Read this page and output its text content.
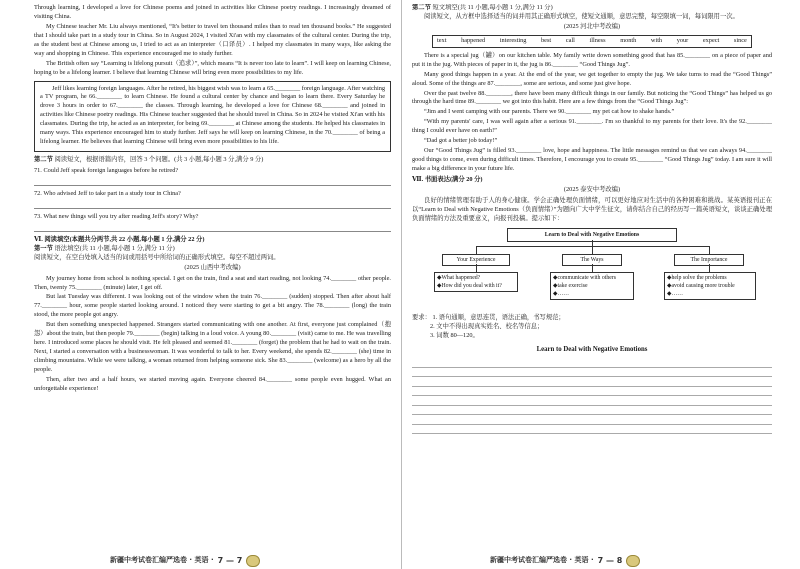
Through learning, I developed a love for Chinese poems and joined in activities like Chinese poetry readings. I increasingly dreamed of visiting China.

My Chinese teacher Mr. Liu always mentioned, “It's better to travel ten thousand miles than to read ten thousand books.” He suggested that I should take part in a study tour in China. So in August 2024, I visited Xi'an with my classmates of the cultural center. During the trip, as the student best at Chinese among us, I tried to act as an interpreter（口译员）. I helped my classmates in many ways, like asking the way and shopping in Chinese. This experience encouraged me to study further.

The British often say “Learning is lifelong pursuit（追求）”, which means “It is never too late to learn”. I will keep on learning Chinese, hoping to be a lifelong learner. I believe that learning Chinese will bring even more possibilities to my life.

Jeff likes learning foreign languages. After he retired, his biggest wish was to learn a 65.________ foreign language. After watching a TV program, he 66.________ to learn Chinese. He found a cultural center by chance and began to learn there. Every Saturday he drove 3 hours in order to 67.________ the classes. Through learning, he developed a love for Chinese 68.________ and joined in activities like Chinese poetry readings. His Chinese teacher suggested that he should travel in China. So in 2024 he visited Xi'an with his classmates. During the trip, he acted as an interpreter, for being 69.________ at Chinese among the students. He helped his classmates in many ways. This experience encouraged him to study further. Jeff says he will keep on learning Chinese, in the 70.________ of being a lifelong learner. He believes that learning Chinese will bring even more possibilities to his life.

第二节 阅读短文，根据语篇内容，回答 3 个问题。(共 3 小题,每小题 3 分,满分 9 分)
71. Could Jeff speak foreign languages before he retired?
72. Who advised Jeff to take part in a study tour in China?
73. What new things will you try after reading Jeff's story? Why?
Ⅵ. 阅读填空(本题共分两节,共 22 小题,每小题 1 分,满分 22 分)
第一节 语法填空(共 11 小题,每小题 1 分,满分 11 分)
阅读短文，在空白处填入适当的词或用括号中所给词的正确形式填空。每空不超过两词。
(2025 山西中考改编)

My journey home from school is nothing special. I get on the train, find a seat and start reading, not looking 74.________ other people. Then, twenty 75.________ (minute) later, I get off.

But last Tuesday was different. I was looking out of the window when the train 76.________ (sudden) stopped. Then after about half 77.________ hour, some people started looking around. I noticed they were starting to get a bit angry. The 78.________ (long) the train stood, the more people got angry.

But then something unexpected happened. Strangers started communicating with one another. At first, everyone just complained（抱怨）about the train, but then people 79.________ (begin) talking in a loud voice. A young 80.________ (visit) came to me. He was travelling here. I introduced some places he should visit. He felt pleased and seemed 81.________ (forget) the problem that he had to wait on the train. Next, I started a conversation with a businesswoman. It was wonderful to talk to her. Every weekend, she spends 82.________ (she) time in climbing mountains. While we were talking, a woman returned from helping someone sick. She 83.________ (welcome) as a hero by all the people.

Then, after two and a half hours, we started moving again. Everyone cheered 84.________ some people even hugged. What an unforgettable experience!

新疆中考试卷汇编严选卷 · 英语 · 7 — 7
第二节 短文填空(共 11 小题,每小题 1 分,满分 11 分)
阅读短文，从方框中选择适当的词并用其正确形式填空，使短文通顺，意思完整，每空限填一词，每词限用一次。
(2025 河北中考改编)
text happened interesting best call illness month with your expect since

There is a special jug（罐）on our kitchen table. My family write down something good that has 85.________ on a piece of paper and put it in the jug. With pieces of paper in it, the jug is 86.________ “Good Things Jug”.

Many good things happen in a year. At the end of the year, we get together to empty the jug. We take turns to read the “Good Things” aloud. Some of the things are 87.________, some are serious, and some just give hope.

Over the past twelve 88.________, there have been many difficult things in our family. But noticing the “Good Things” has helped us go through the hard time 89.________ we got into this habit. Here are a few things from the “Good Things Jug”:

“Jim and I went camping with our parents. There we 90.________ my pet cat how to shake hands.”

“With my parents' care, I was well again after a serious 91.________. I'm so thankful to my parents for their love. It's the 92.________ thing I could ever have on earth!”

“Dad got a better job today!”

Our “Good Things Jug” is filled 93.________ love, hope and happiness. The little messages remind us that we can always 94.________ good things to come, even during difficult times. Therefore, I encourage you to create 95.________ “Good Things Jug” today. I am sure it will make a big difference in your future life.

Ⅶ. 书面表达(满分 20 分)
(2025 泰安中考改编)

良好的情绪管理有助于人的身心健康。学会正确处理负面情绪，可以更好地应对生活中的各种困难和挑战。某英语报刊正在以“Learn to Deal with Negative Emotions（负面情绪）”为题向广大中学生征文，请你结合自己的经历写一篇英语短文，谈谈正确处理负面情绪的方法及重要意义，向报刊投稿。提示如下：

Learn to Deal with Negative Emotions
Your Experience	The Ways	The Importance
◆What happened?
◆How did you deal with it?
◆communicate with others
◆take exercise
◆……
◆help solve the problems
◆avoid causing more trouble
◆……
要求： 1. 语句通顺，意思连贯，语法正确，书写规范；
2. 文中不得出现真实姓名、校名等信息；
3. 词数 80—120。
Learn to Deal with Negative Emotions
新疆中考试卷汇编严选卷 · 英语 · 7 — 8
